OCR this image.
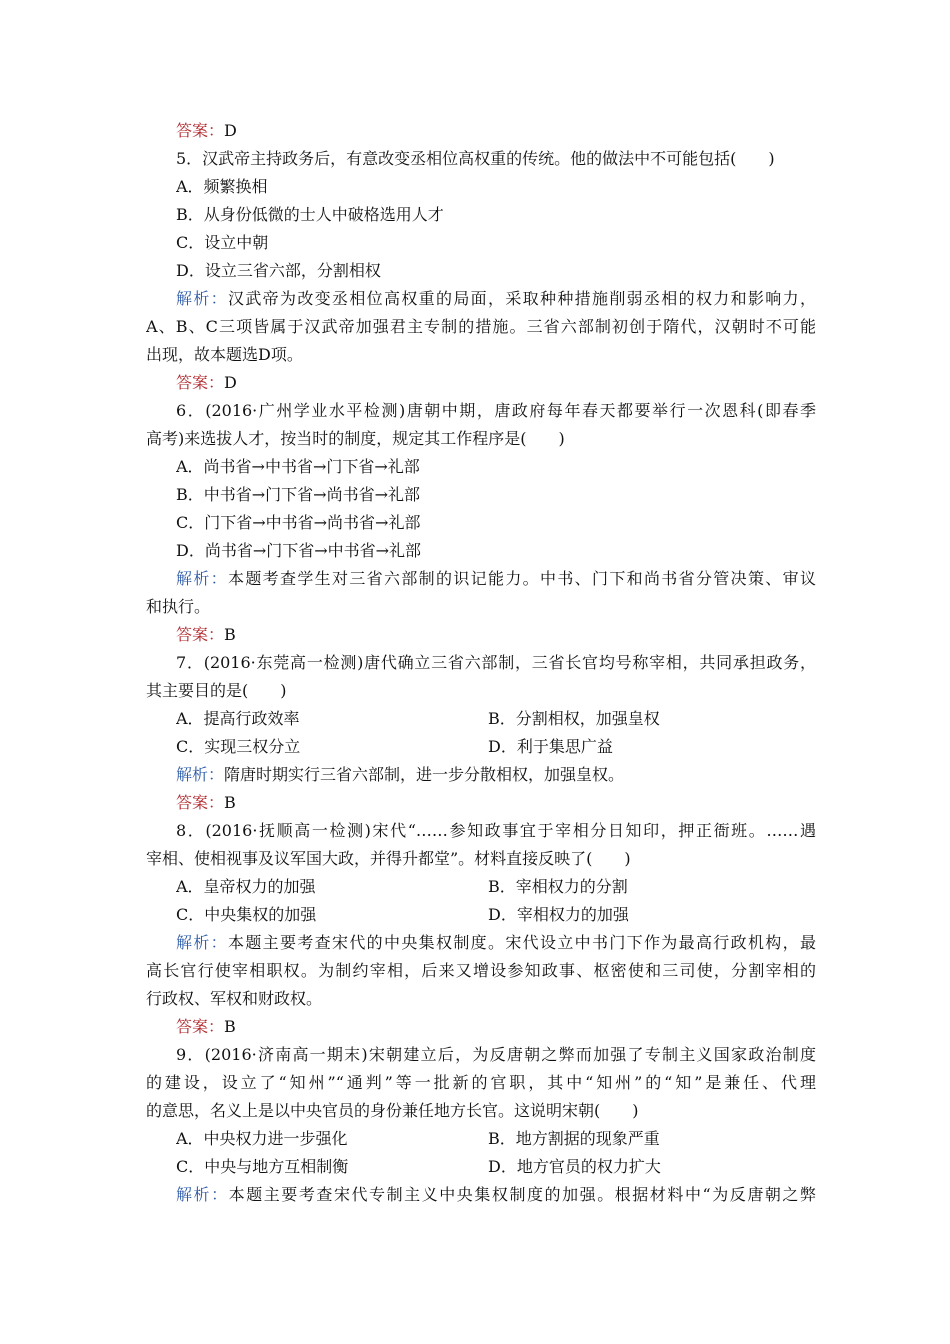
答案：D
5．汉武帝主持政务后，有意改变丞相位高权重的传统。他的做法中不可能包括(　　)
A．频繁换相
B．从身份低微的士人中破格选用人才
C．设立中朝
D．设立三省六部，分割相权
解析：汉武帝为改变丞相位高权重的局面，采取种种措施削弱丞相的权力和影响力，
A、B、C三项皆属于汉武帝加强君主专制的措施。三省六部制初创于隋代，汉朝时不可能
出现，故本题选D项。
答案：D
6．(2016·广州学业水平检测)唐朝中期，唐政府每年春天都要举行一次恩科(即春季
高考)来选拔人才，按当时的制度，规定其工作程序是(　　)
A．尚书省→中书省→门下省→礼部
B．中书省→门下省→尚书省→礼部
C．门下省→中书省→尚书省→礼部
D．尚书省→门下省→中书省→礼部
解析：本题考查学生对三省六部制的识记能力。中书、门下和尚书省分管决策、审议
和执行。
答案：B
7．(2016·东莞高一检测)唐代确立三省六部制，三省长官均号称宰相，共同承担政务，
其主要目的是(　　)
A．提高行政效率	B．分割相权，加强皇权
C．实现三权分立	D．利于集思广益
解析：隋唐时期实行三省六部制，进一步分散相权，加强皇权。
答案：B
8．(2016·抚顺高一检测)宋代“……参知政事宜于宰相分日知印，押正衙班。……遇
宰相、使相视事及议军国大政，并得升都堂”。材料直接反映了(　　)
A．皇帝权力的加强	B．宰相权力的分割
C．中央集权的加强	D．宰相权力的加强
解析：本题主要考查宋代的中央集权制度。宋代设立中书门下作为最高行政机构，最
高长官行使宰相职权。为制约宰相，后来又增设参知政事、枢密使和三司使，分割宰相的
行政权、军权和财政权。
答案：B
9．(2016·济南高一期末)宋朝建立后，为反唐朝之弊而加强了专制主义国家政治制度
的建设，设立了“知州”“通判”等一批新的官职，其中“知州”的“知”是兼任、代理
的意思，名义上是以中央官员的身份兼任地方长官。这说明宋朝(　　)
A．中央权力进一步强化	B．地方割据的现象严重
C．中央与地方互相制衡	D．地方官员的权力扩大
解析：本题主要考查宋代专制主义中央集权制度的加强。根据材料中“为反唐朝之弊
